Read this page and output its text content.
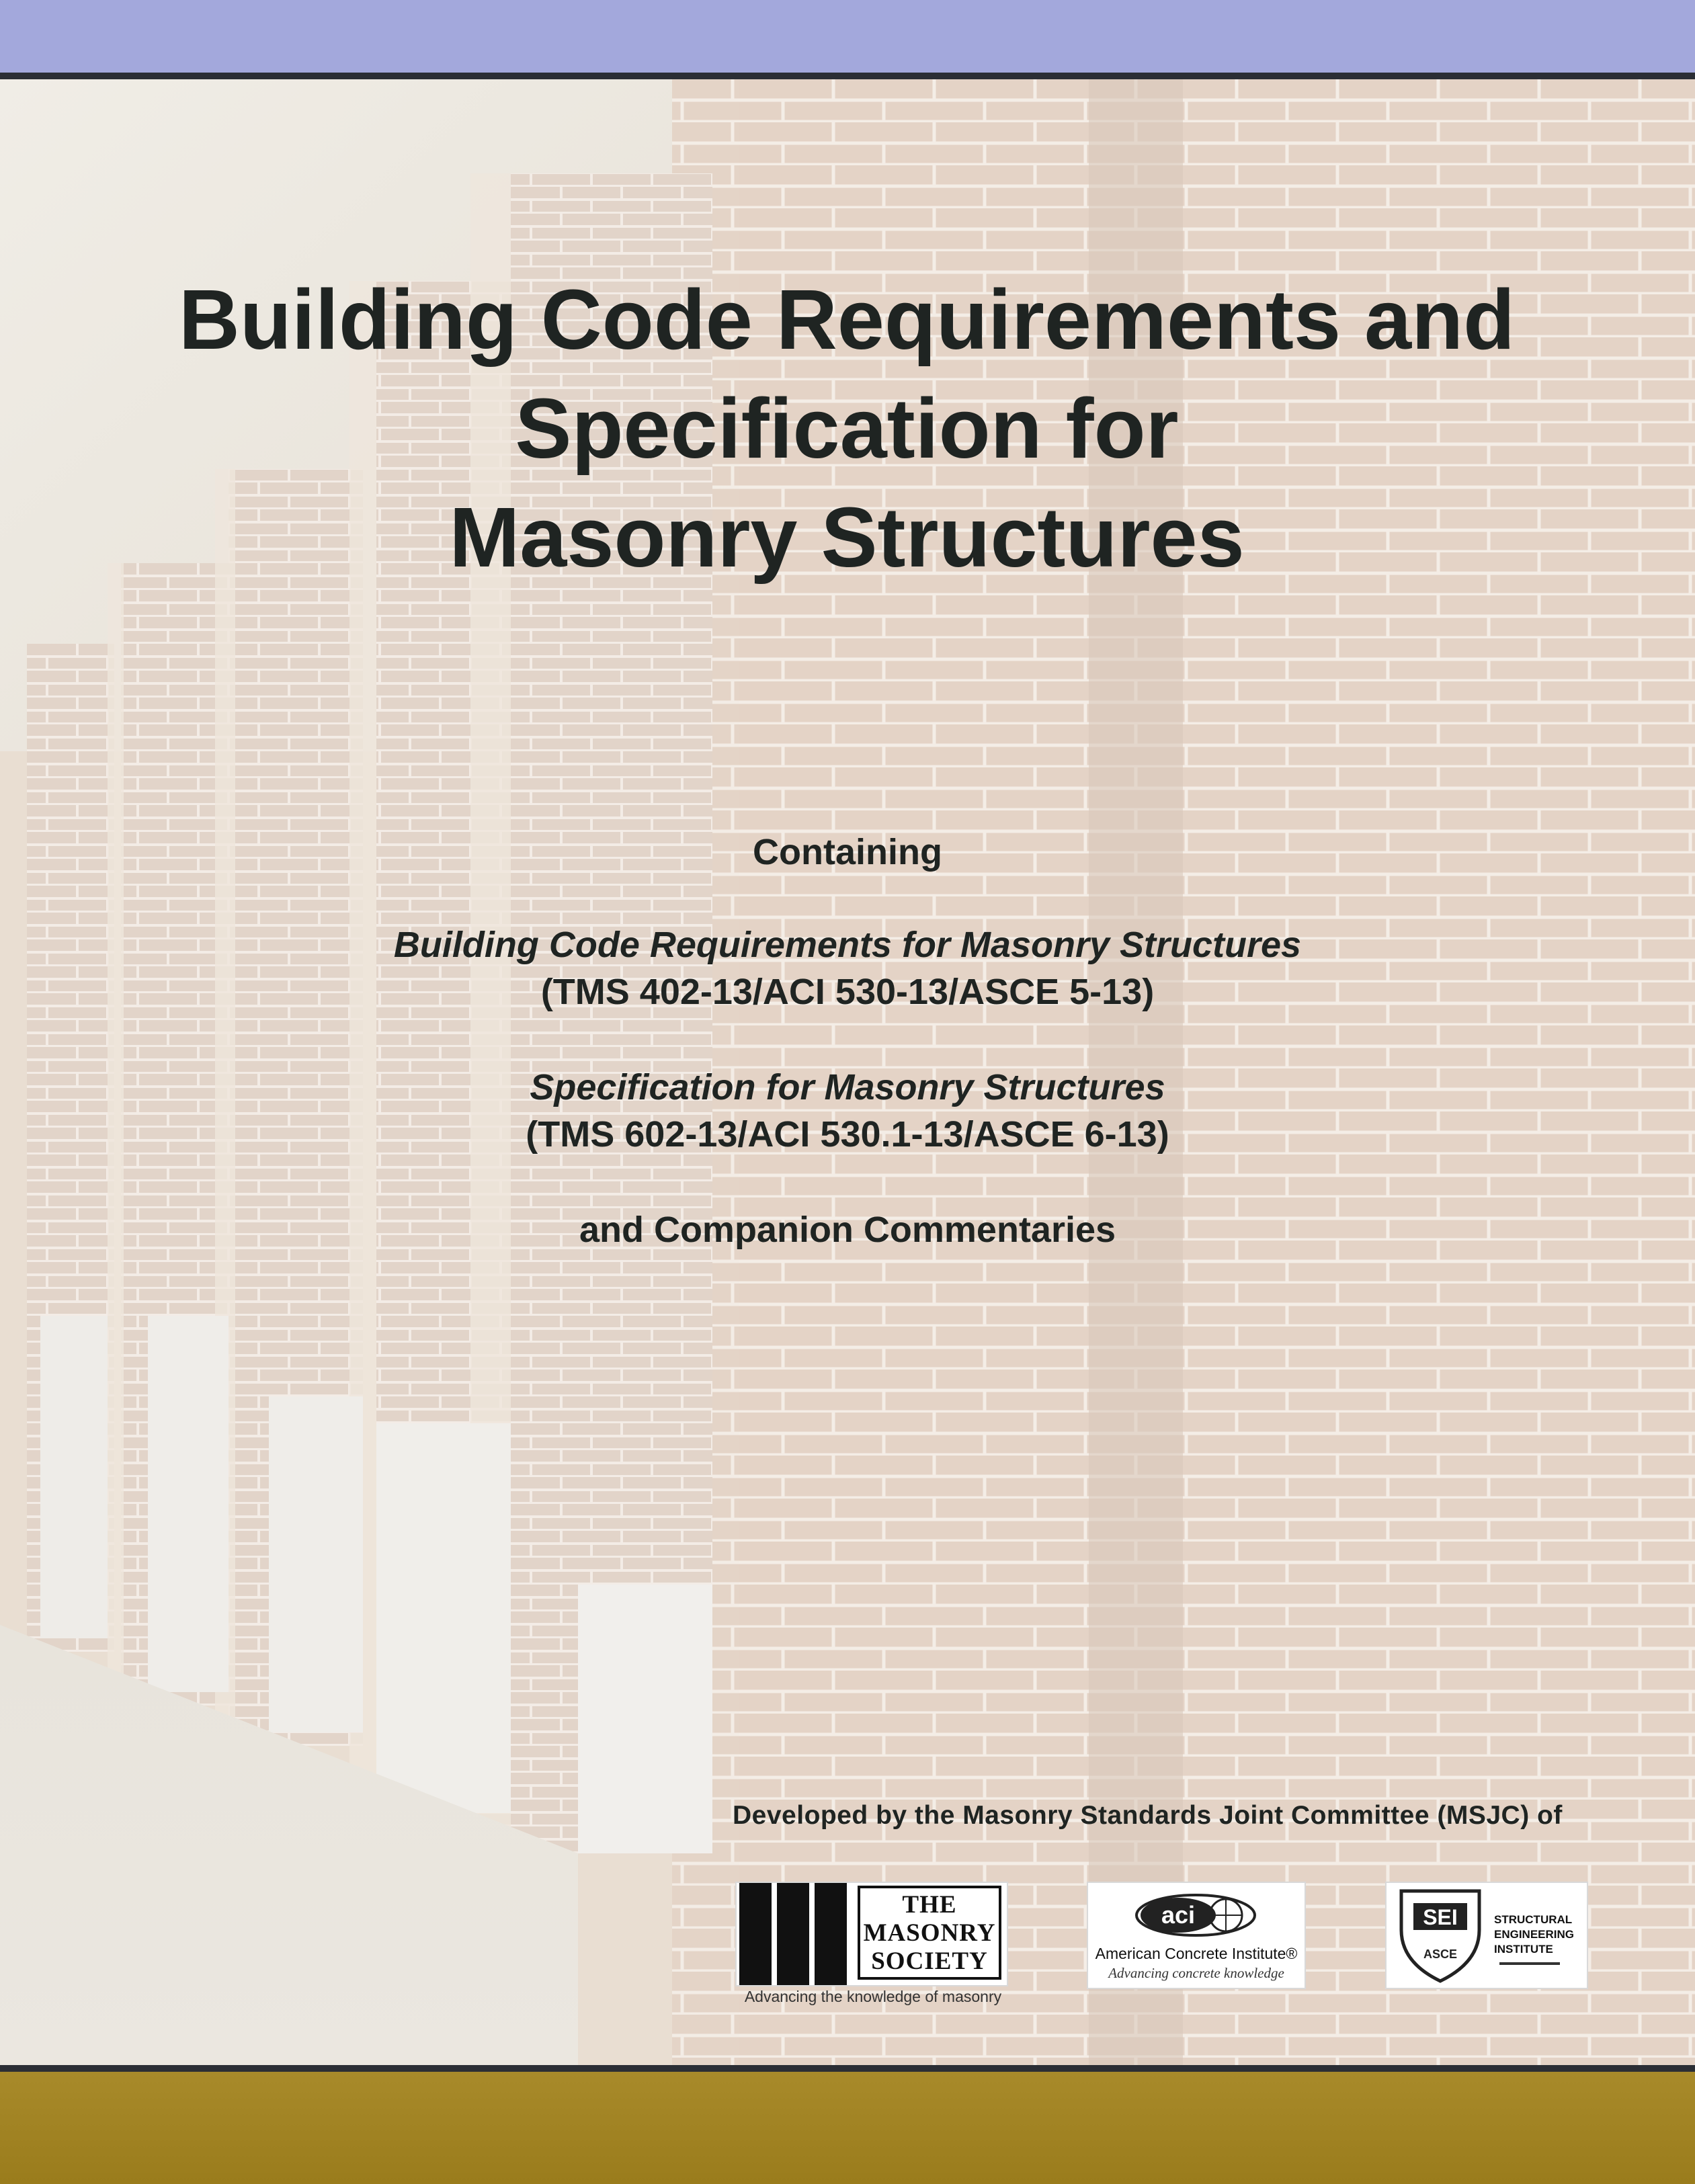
Building Code Requirements and
Specification for
Masonry Structures
Containing
Building Code Requirements for Masonry Structures
(TMS 402-13/ACI 530-13/ASCE 5-13)
Specification for Masonry Structures
(TMS 602-13/ACI 530.1-13/ASCE 6-13)
and Companion Commentaries
Developed by the Masonry Standards Joint Committee (MSJC) of
THE
MASONRY
SOCIETY
Advancing the knowledge of masonry
aci
American Concrete Institute®
Advancing concrete knowledge
SEI
ASCE
STRUCTURAL
ENGINEERING
INSTITUTE
